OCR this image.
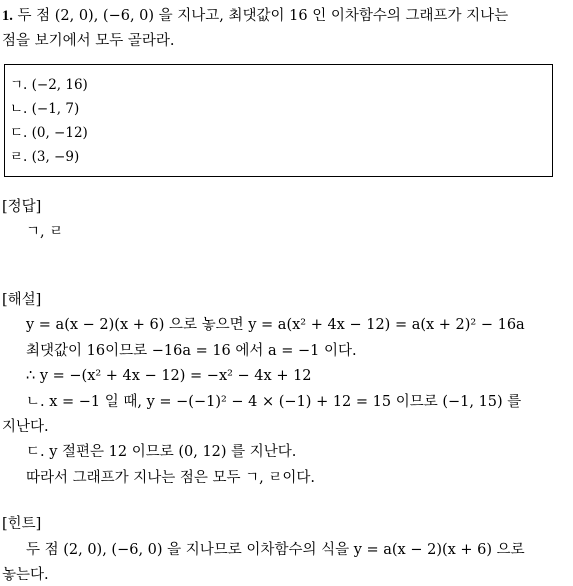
1. 두 점 (2, 0), (−6, 0) 을 지나고, 최댓값이 16 인 이차함수의 그래프가 지나는
점을 보기에서 모두 골라라.
ㄱ. (−2, 16)
ㄴ. (−1, 7)
ㄷ. (0, −12)
ㄹ. (3, −9)
[정답]
ㄱ, ㄹ
[해설]
y = a(x − 2)(x + 6) 으로 놓으면 y = a(x² + 4x − 12) = a(x + 2)² − 16a
최댓값이 16이므로 −16a = 16 에서 a = −1 이다.
∴ y = −(x² + 4x − 12) = −x² − 4x + 12
ㄴ. x = −1 일 때, y = −(−1)² − 4 × (−1) + 12 = 15 이므로 (−1, 15) 를
지난다.
ㄷ. y 절편은 12 이므로 (0, 12) 를 지난다.
따라서 그래프가 지나는 점은 모두 ㄱ, ㄹ이다.
[힌트]
두 점 (2, 0), (−6, 0) 을 지나므로 이차함수의 식을 y = a(x − 2)(x + 6) 으로
놓는다.
